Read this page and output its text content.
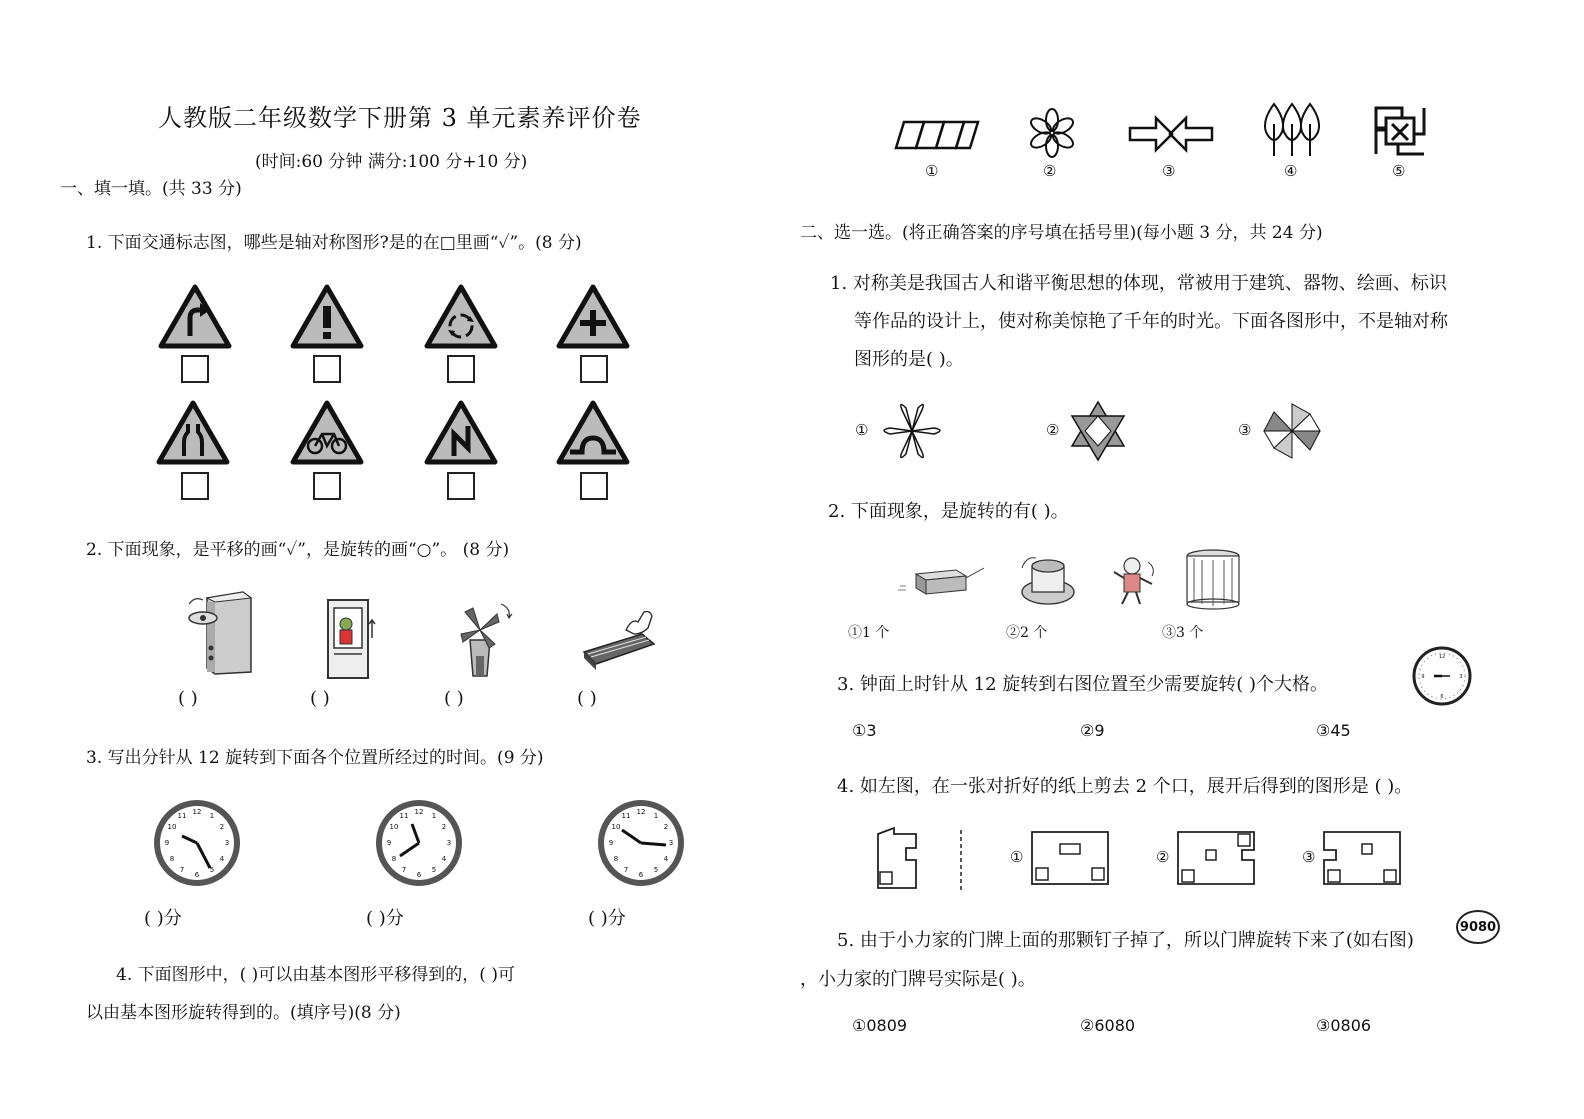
人教版二年级数学下册第 3 单元素养评价卷
(时间:60 分钟 满分:100 分+10 分)
一、填一填。(共 33 分)
1. 下面交通标志图，哪些是轴对称图形?是的在□里画“✓”。(8 分)
2. 下面现象，是平移的画“✓”，是旋转的画“○”。 (8 分)
( )	( )	( )	( )
3. 写出分针从 12 旋转到下面各个位置所经过的时间。(9 分)
12 1
2
3
4
5
6
7
8
9
10
11	12 1
2
3
4
5
6
7
8
9
10
11	12 1
2
3
4
5
6
7
8
9
10
11
( )分	( )分	( )分
4. 下面图形中，( )可以由基本图形平移得到的，( )可
以由基本图形旋转得到的。(填序号)(8 分)
①	②	③	④	⑤
二、选一选。(将正确答案的序号填在括号里)(每小题 3 分，共 24 分)
1. 对称美是我国古人和谐平衡思想的体现，常被用于建筑、器物、绘画、标识
等作品的设计上，使对称美惊艳了千年的时光。下面各图形中，不是轴对称
图形的是( )。
①	②	③
2. 下面现象，是旋转的有( )。
①1 个	②2 个	③3 个
3. 钟面上时针从 12 旋转到右图位置至少需要旋转( )个大格。
12
3
6
9
①3	②9	③45
4. 如左图，在一张对折好的纸上剪去 2 个口，展开后得到的图形是 ( )。
①	②	③
5. 由于小力家的门牌上面的那颗钉子掉了，所以门牌旋转下来了(如右图)
，小力家的门牌号实际是( )。
9080
①0809	②6080	③0806
